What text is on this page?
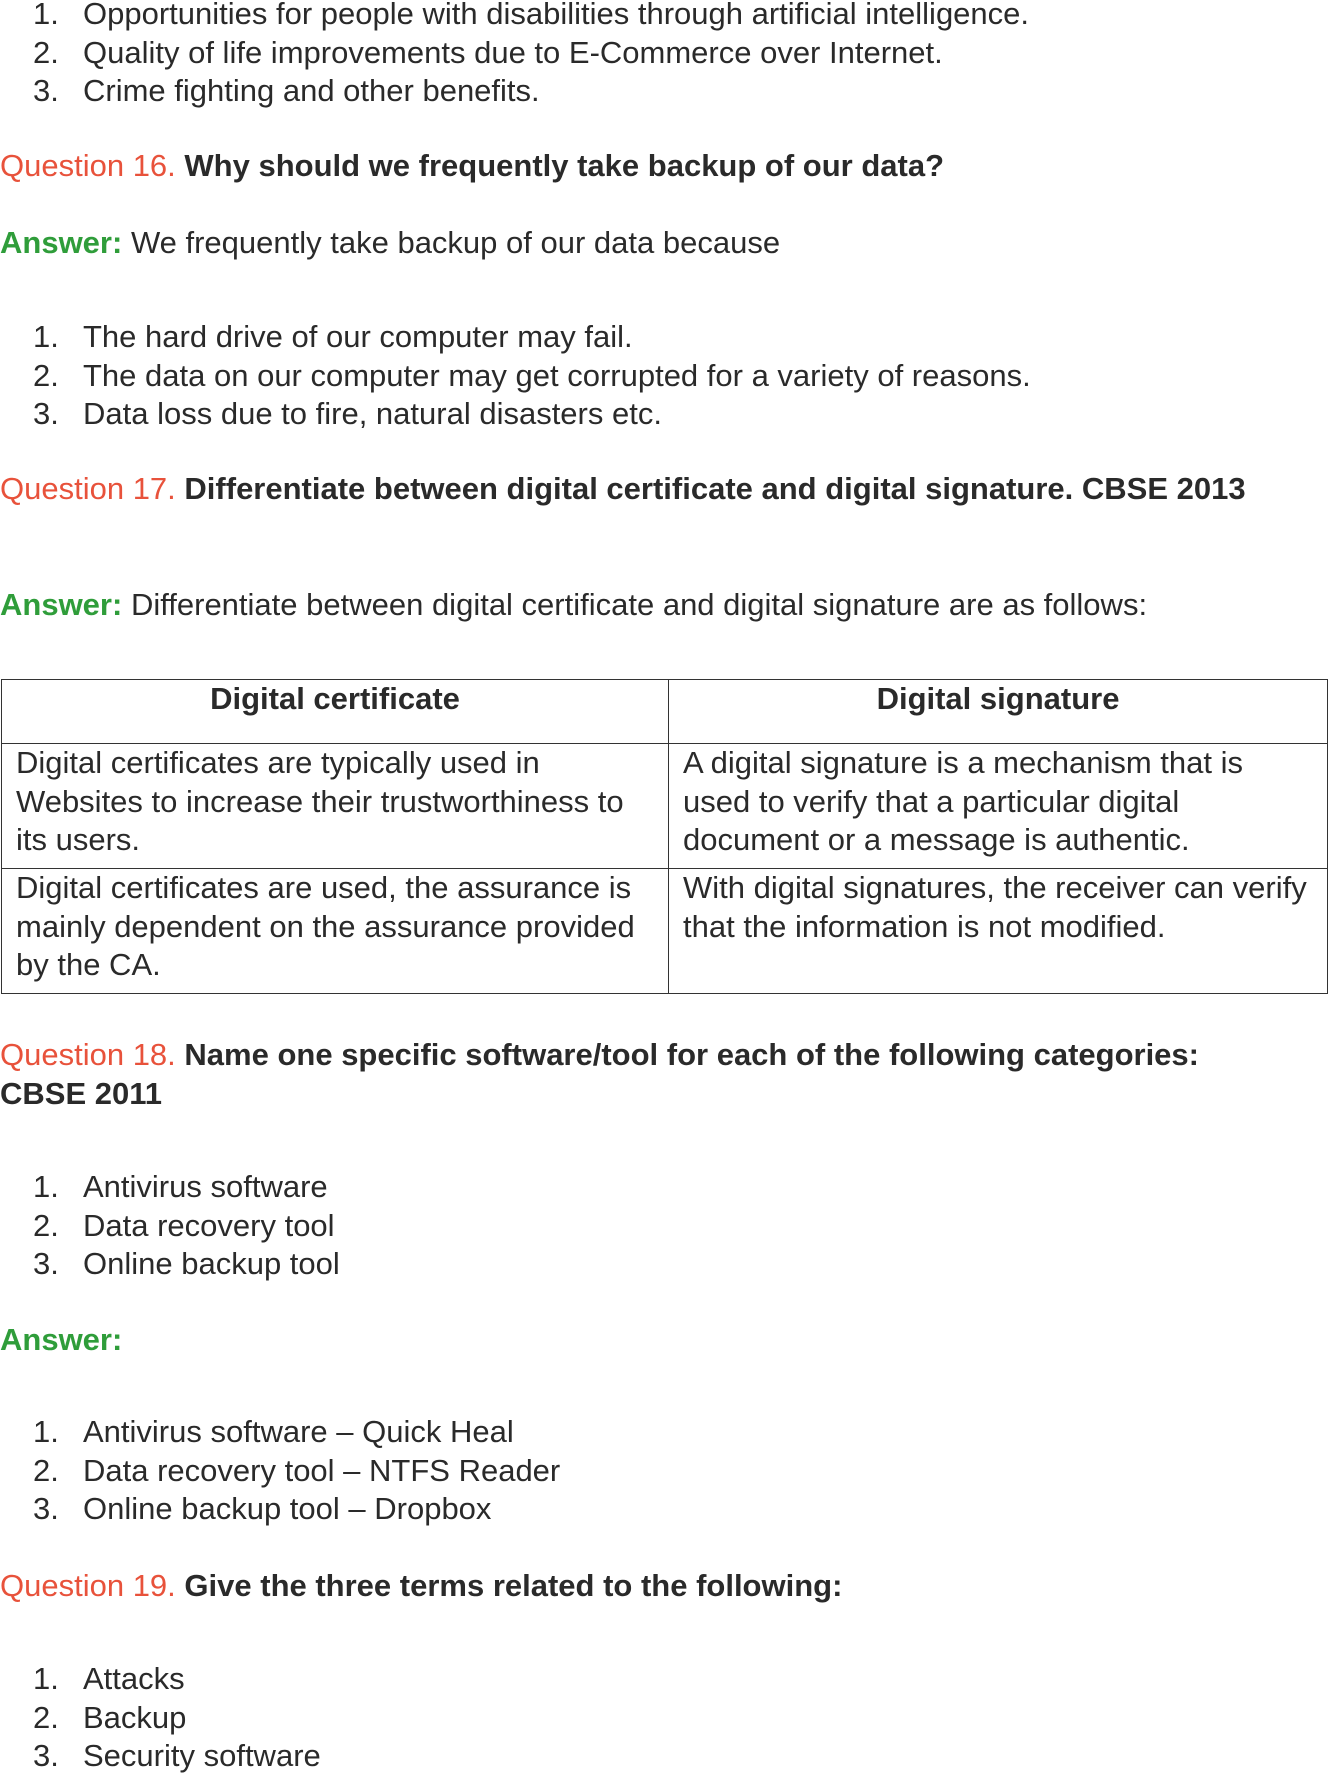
1. Opportunities for people with disabilities through artificial intelligence.
2. Quality of life improvements due to E-Commerce over Internet.
3. Crime fighting and other benefits.
Question 16. Why should we frequently take backup of our data?
Answer: We frequently take backup of our data because
1. The hard drive of our computer may fail.
2. The data on our computer may get corrupted for a variety of reasons.
3. Data loss due to fire, natural disasters etc.
Question 17. Differentiate between digital certificate and digital signature. CBSE 2013
Answer: Differentiate between digital certificate and digital signature are as follows:
Digital certificate	Digital signature
Digital certificates are typically used in Websites to increase their trustworthiness to its users.	A digital signature is a mechanism that is used to verify that a particular digital document or a message is authentic.
Digital certificates are used, the assurance is mainly dependent on the assurance provided by the CA.	With digital signatures, the receiver can verify that the information is not modified.
Question 18. Name one specific software/tool for each of the following categories: CBSE 2011
1. Antivirus software
2. Data recovery tool
3. Online backup tool
Answer:
1. Antivirus software – Quick Heal
2. Data recovery tool – NTFS Reader
3. Online backup tool – Dropbox
Question 19. Give the three terms related to the following:
1. Attacks
2. Backup
3. Security software
